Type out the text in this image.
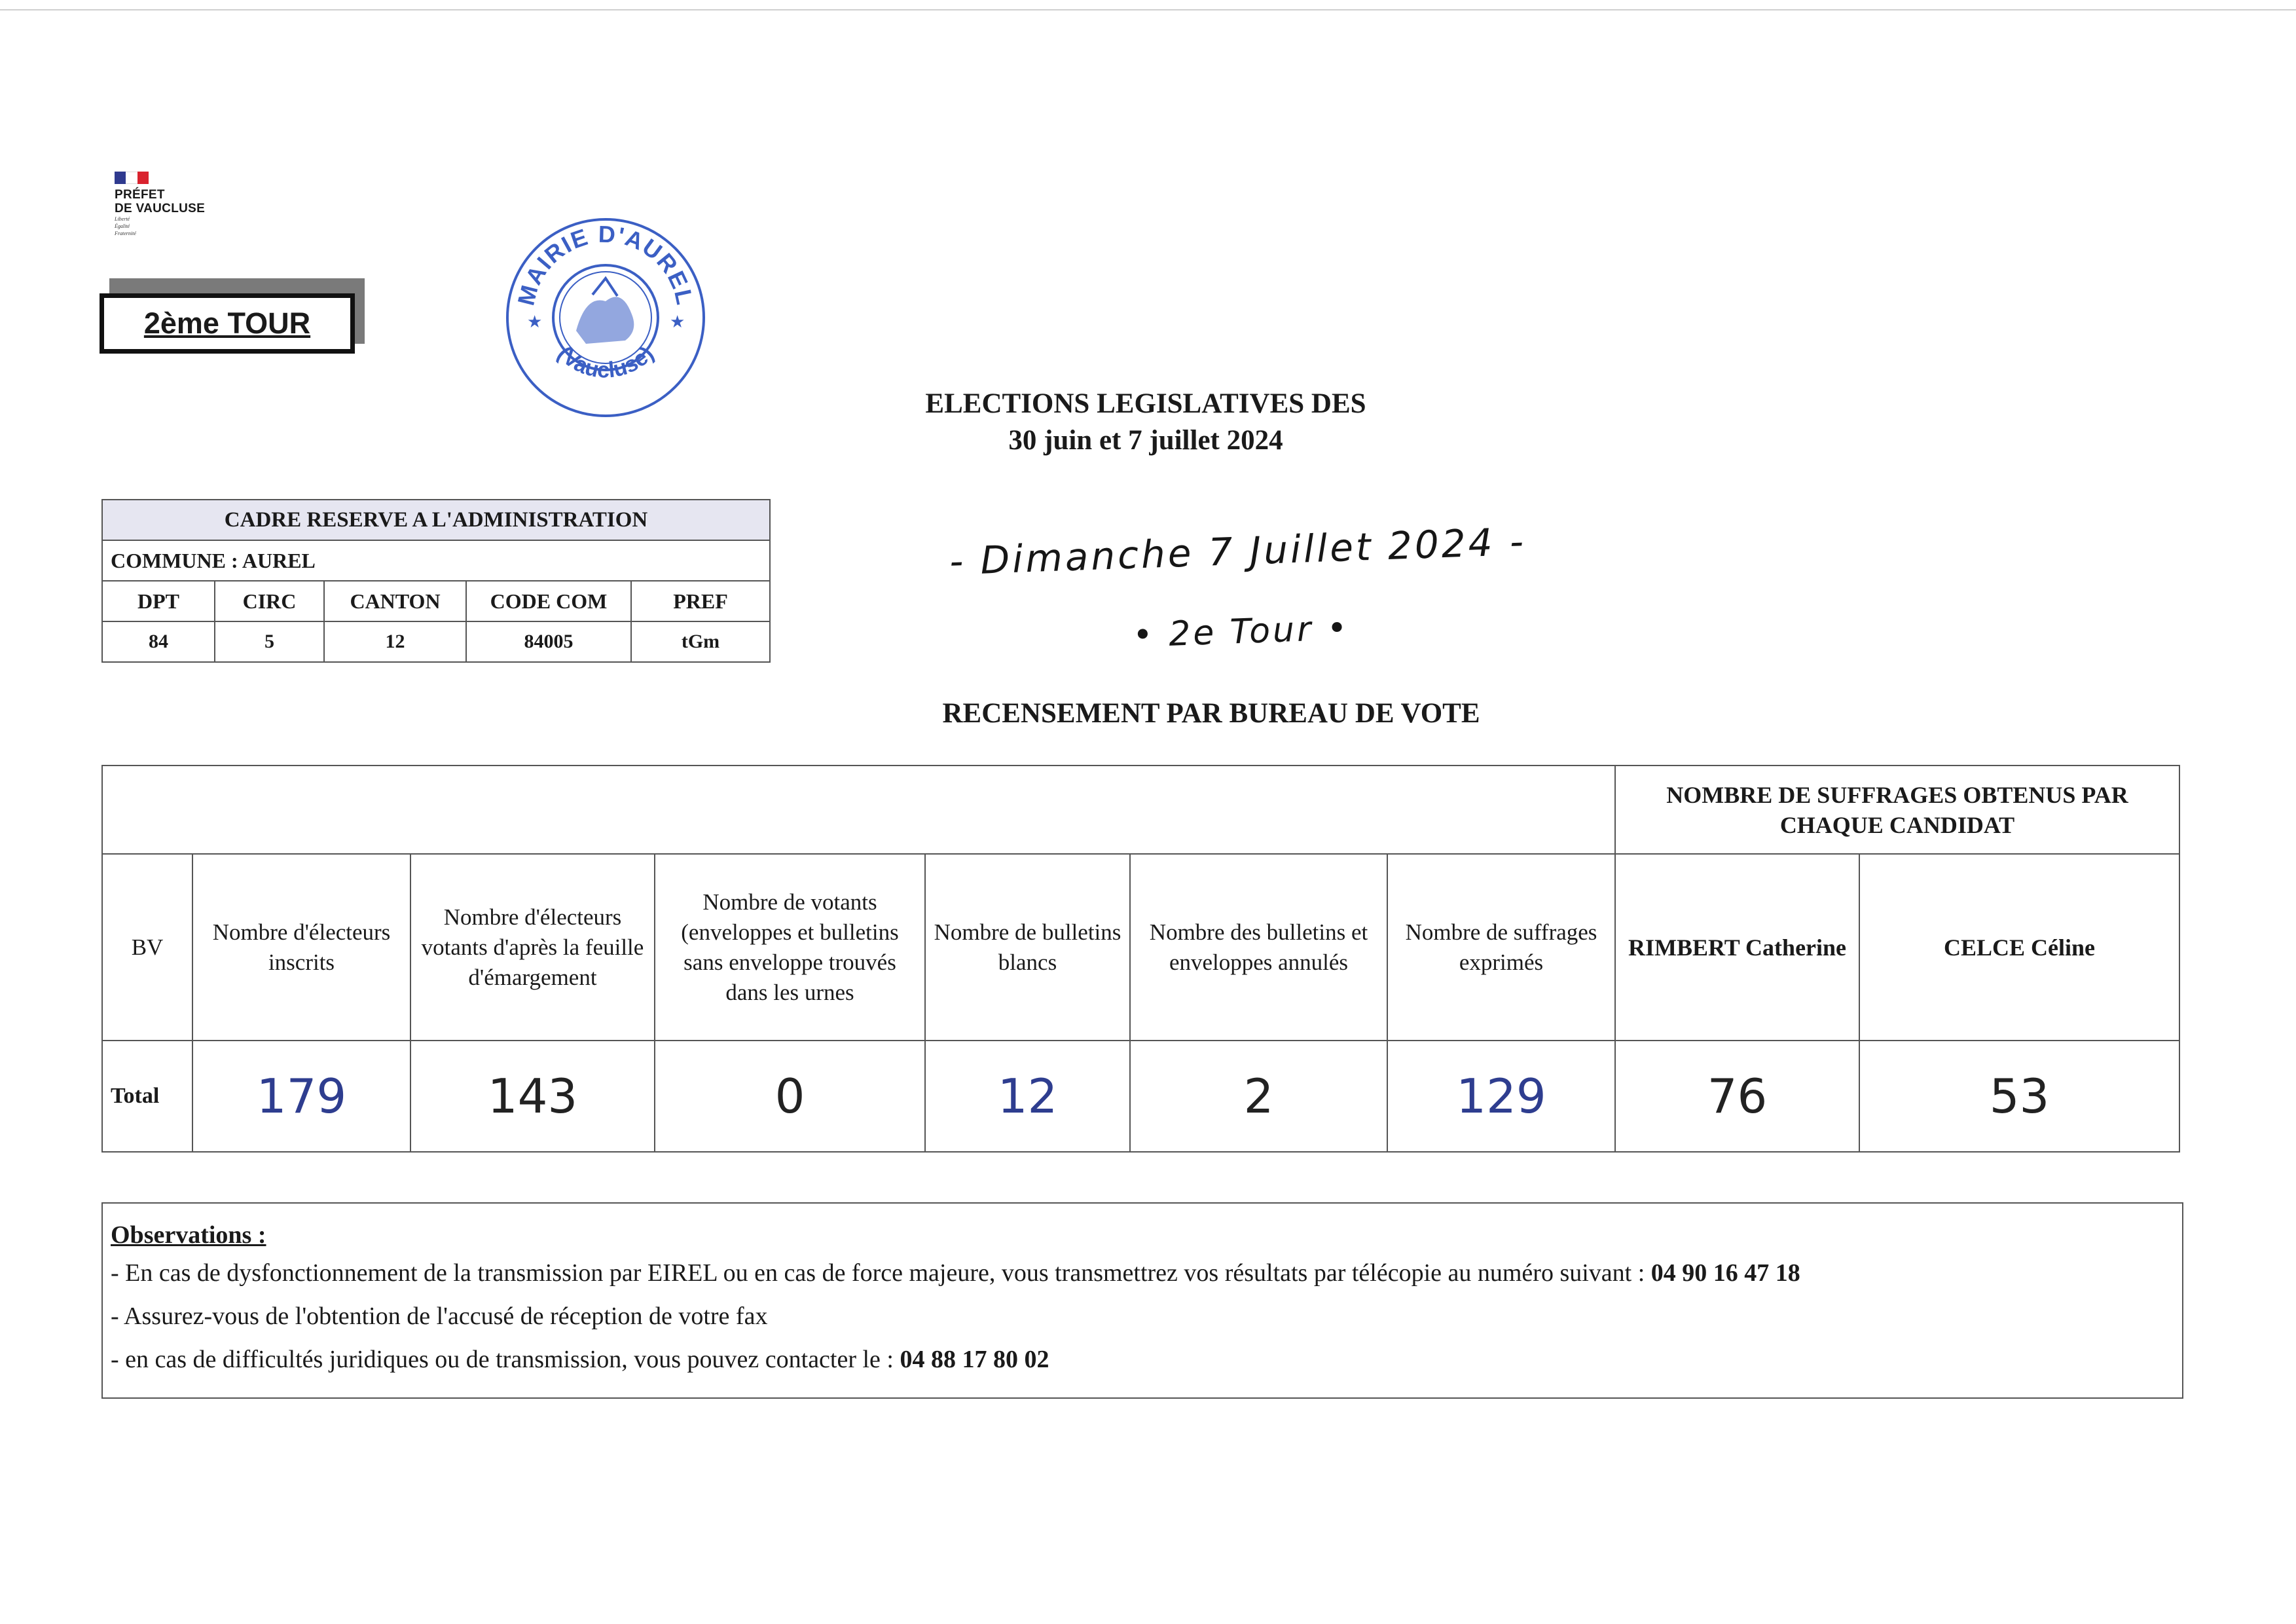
PRÉFET
DE VAUCLUSE
Liberté
Égalité
Fraternité
2ème TOUR	★	★
MAIRIE D'AUREL
(Vaucluse)
ELECTIONS LEGISLATIVES DES
30 juin et 7 juillet 2024
- Dimanche 7 Juillet 2024 -
• 2e Tour •
CADRE RESERVE A L'ADMINISTRATION				
COMMUNE : AUREL				
DPT	CIRC	CANTON	CODE COM	PREF
84	5	12	84005	tGm
RECENSEMENT PAR BUREAU DE VOTE
							NOMBRE DE SUFFRAGES OBTENUS PAR CHAQUE CANDIDAT	
BV	Nombre d'électeurs inscrits	Nombre d'électeurs votants d'après la feuille d'émargement	Nombre de votants (enveloppes et bulletins sans enveloppe trouvés dans les urnes	Nombre de bulletins blancs	Nombre des bulletins et enveloppes annulés	Nombre de suffrages exprimés	RIMBERT Catherine	CELCE Céline
Total	179	143	0	12	2	129	76	53
Observations :
- En cas de dysfonctionnement de la transmission par EIREL ou en cas de force majeure, vous transmettrez vos résultats par télécopie au numéro suivant : 04 90 16 47 18
- Assurez-vous de l'obtention de l'accusé de réception de votre fax
- en cas de difficultés juridiques ou de transmission, vous pouvez contacter le : 04 88 17 80 02
